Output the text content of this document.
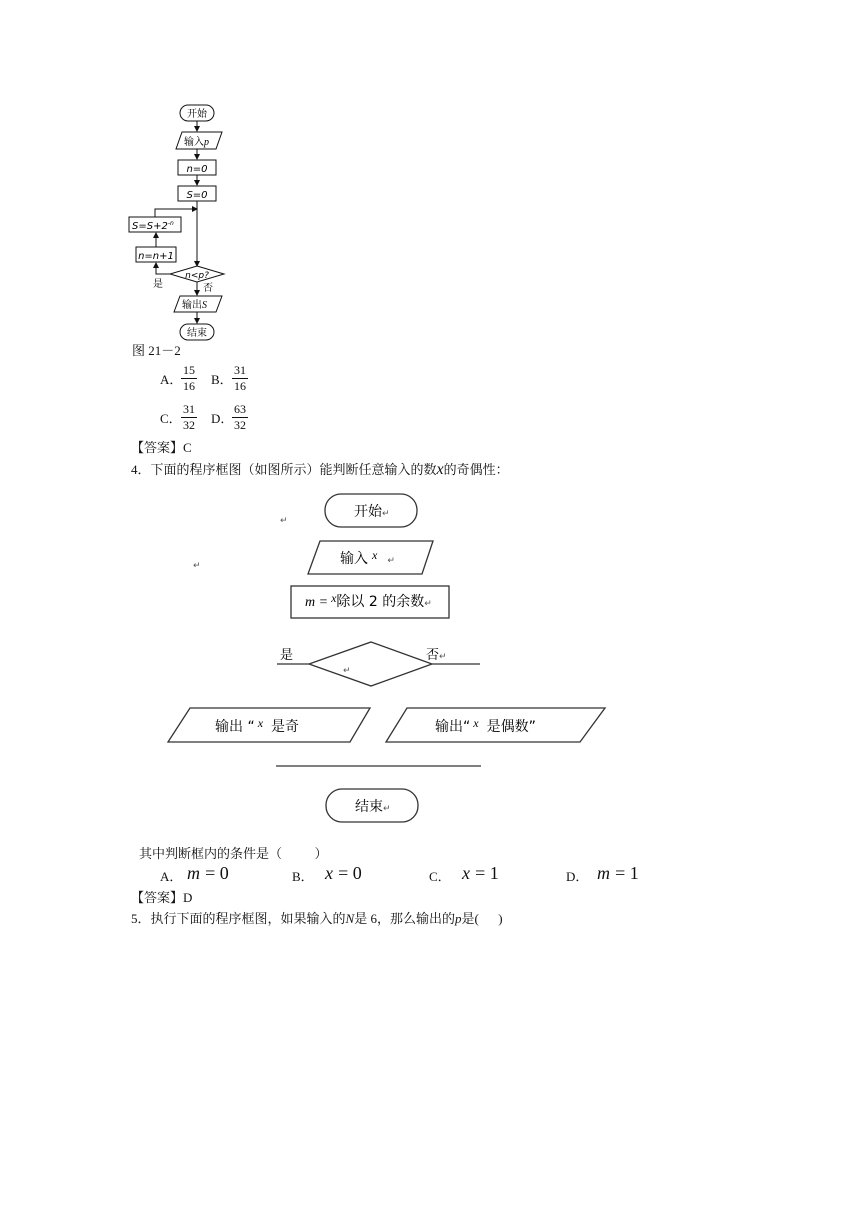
开始
输入p
n=0
S=0
$S=S+2^{-n}$
n=n+1
n<p?
是	否
输出S
结束
图 21－2
A．
15
16 B．
31
16
C．
31
32 D．
63
32
【答案】C
4．下面的程序框图（如图所示）能判断任意输入的数x的奇偶性：
开始↵
↵
↵	输入 x $_↵$
m = x除以 2 的余数↵
↵
是	否↵
输出 “ x 是奇	输出“ x 是偶数”
结束↵
其中判断框内的条件是（          ）
A． m = 0	B． x = 0	C． x = 1	D． m = 1
【答案】D
5．执行下面的程序框图，如果输入的N是 6，那么输出的p是(      )
